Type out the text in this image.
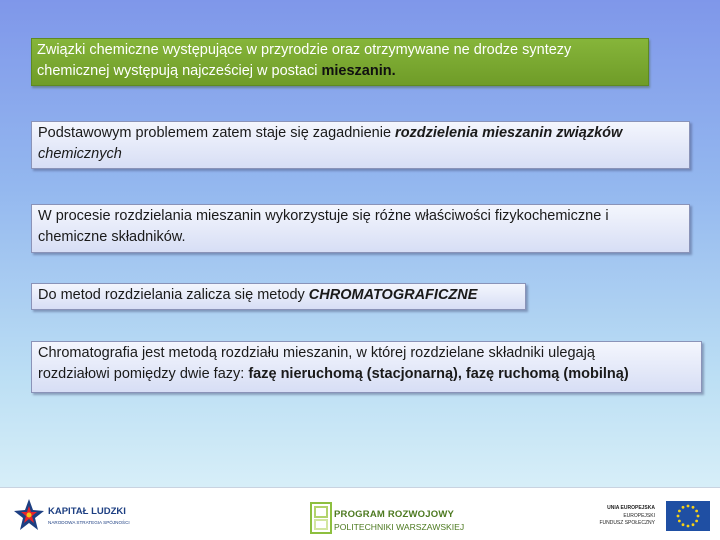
Związki chemiczne występujące w przyrodzie oraz otrzymywane ne drodze syntezy
chemicznej występują najcześciej w postaci mieszanin.
Podstawowym problemem zatem staje się zagadnienie rozdzielenia mieszanin związków
chemicznych
W procesie rozdzielania mieszanin wykorzystuje się różne właściwości fizykochemiczne i
chemiczne składników.
Do metod rozdzielania zalicza się metody CHROMATOGRAFICZNE
Chromatografia jest metodą rozdziału mieszanin, w której rozdzielane składniki ulegają
rozdziałowi pomiędzy dwie fazy: fazę nieruchomą (stacjonarną), fazę ruchomą (mobilną)
KAPITAŁ LUDZKI
NARODOWA STRATEGIA SPÓJNOŚCI
PROGRAM ROZWOJOWY
POLITECHNIKI WARSZAWSKIEJ
UNIA EUROPEJSKA
EUROPEJSKI
FUNDUSZ SPOŁECZNY
